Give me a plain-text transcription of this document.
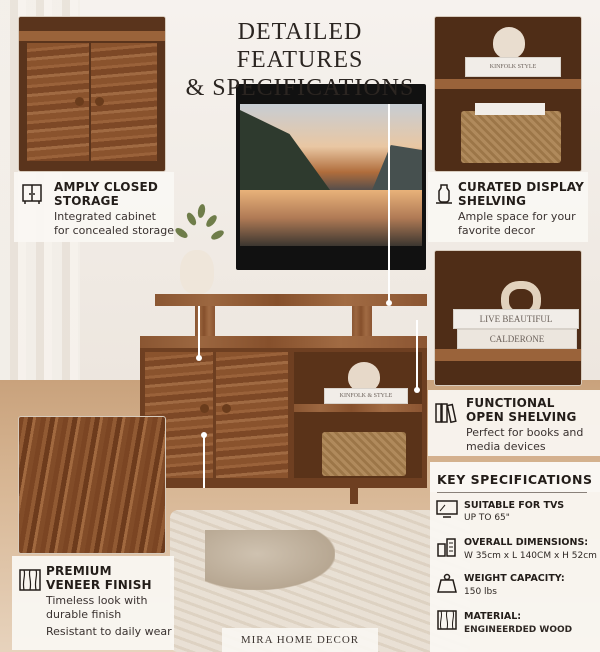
KINFOLK & STYLE
DETAILED FEATURES
& SPECIFICATIONS
KINFOLK STYLE
LIVE BEAUTIFUL
CALDERONE
AMPLY CLOSED
STORAGE
Integrated cabinet
for concealed storage
CURATED DISPLAY
SHELVING
Ample space for your
favorite decor
FUNCTIONAL
OPEN SHELVING
Perfect for books and
media devices
PREMIUM
VENEER FINISH
Timeless look with
durable finish
Resistant to daily wear
KEY SPECIFICATIONS
SUITABLE FOR TVS
UP TO 65"
OVERALL DIMENSIONS:
W 35cm x L 140CM x H 52cm
WEIGHT CAPACITY:
150 lbs
MATERIAL:
ENGINEERDED WOOD
MIRA HOME DECOR
